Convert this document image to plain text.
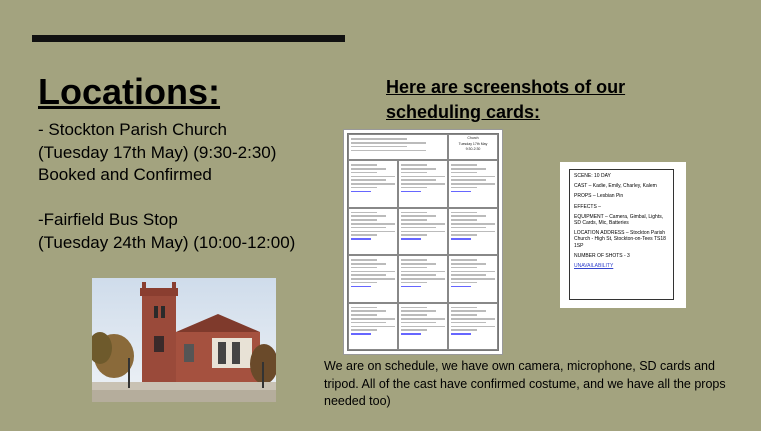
Locations:
- Stockton Parish Church
(Tuesday 17th May) (9:30-2:30)
Booked and Confirmed
-Fairfield Bus Stop
(Tuesday 24th May) (10:00-12:00)
Here are screenshots of our
scheduling cards:
Church
Tuesday 17th May
9:30-2:30

SCENE: 10 DAY

CAST – Kadie, Emily, Charley, Kalem

PROPS – Lesbian Pin

EFFECTS –

EQUIPMENT – Camera, Gimbal, Lights, SD Cards, Mic, Batteries

LOCATION ADDRESS – Stockton Parish Church - High St, Stockton-on-Tees TS18 1SP

NUMBER OF SHOTS - 3

UNAVAILABILITY

We are on schedule, we have own camera, microphone, SD cards and tripod. All of the cast have confirmed costume, and we have all the props needed too)
